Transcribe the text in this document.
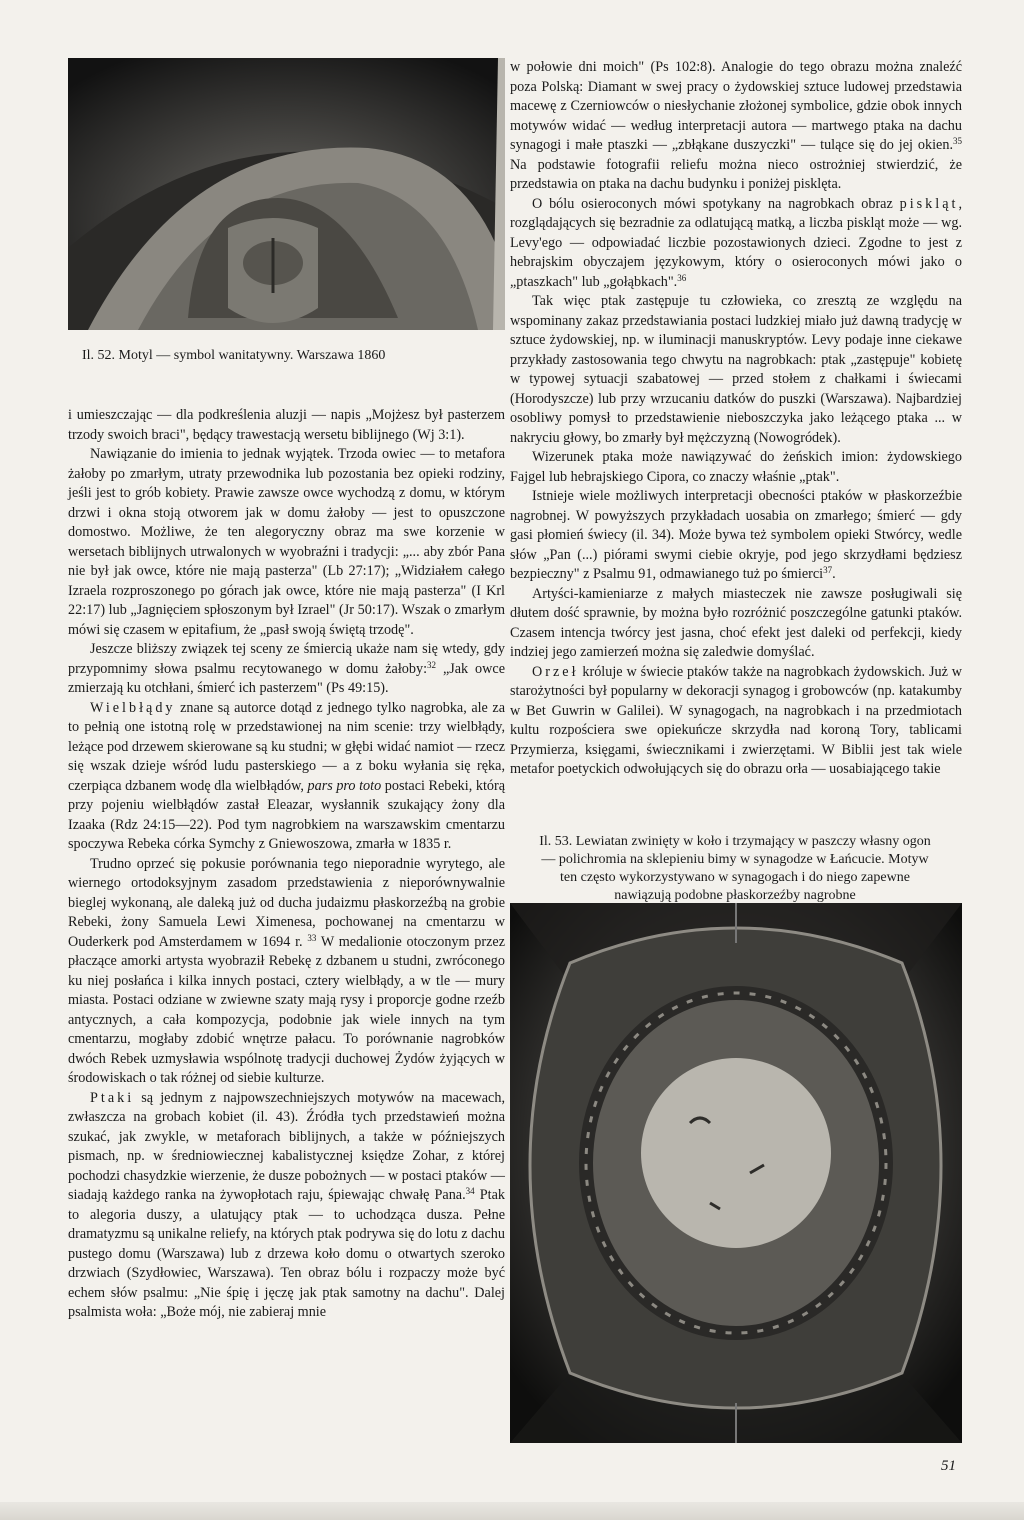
Il. 52. Motyl — symbol wanitatywny. Warszawa 1860

i umieszczając — dla podkreślenia aluzji — napis „Mojżesz był pasterzem trzody swoich braci", będący trawestacją wersetu biblijnego (Wj 3:1).

Nawiązanie do imienia to jednak wyjątek. Trzoda owiec — to metafora żałoby po zmarłym, utraty przewodnika lub pozostania bez opieki rodziny, jeśli jest to grób kobiety. Prawie zawsze owce wychodzą z domu, w którym drzwi i okna stoją otworem jak w domu żałoby — jest to opuszczone domostwo. Możliwe, że ten alegoryczny obraz ma swe korzenie w wersetach biblijnych utrwalonych w wyobraźni i tradycji: „... aby zbór Pana nie był jak owce, które nie mają pasterza" (Lb 27:17); „Widziałem całego Izraela rozproszonego po górach jak owce, które nie mają pasterza" (I Krl 22:17) lub „Jagnięciem spłoszonym był Izrael" (Jr 50:17). Wszak o zmarłym mówi się czasem w epitafium, że „pasł swoją świętą trzodę".

Jeszcze bliższy związek tej sceny ze śmiercią ukaże nam się wtedy, gdy przypomnimy słowa psalmu recytowanego w domu żałoby:$^{32}$ „Jak owce zmierzają ku otchłani, śmierć ich pasterzem" (Ps 49:15).

Wielbłądy znane są autorce dotąd z jednego tylko nagrobka, ale za to pełnią one istotną rolę w przedstawionej na nim scenie: trzy wielbłądy, leżące pod drzewem skierowane są ku studni; w głębi widać namiot — rzecz się wszak dzieje wśród ludu pasterskiego — a z boku wyłania się ręka, czerpiąca dzbanem wodę dla wielbłądów, pars pro toto postaci Rebeki, którą przy pojeniu wielbłądów zastał Eleazar, wysłannik szukający żony dla Izaaka (Rdz 24:15—22). Pod tym nagrobkiem na warszawskim cmentarzu spoczywa Rebeka córka Symchy z Gniewoszowa, zmarła w 1835 r.

Trudno oprzeć się pokusie porównania tego nieporadnie wyrytego, ale wiernego ortodoksyjnym zasadom przedstawienia z nieporównywalnie bieglej wykonaną, ale daleką już od ducha judaizmu płaskorzeźbą na grobie Rebeki, żony Samuela Lewi Ximenesa, pochowanej na cmentarzu w Ouderkerk pod Amsterdamem w 1694 r. $^{33}$ W medalionie otoczonym przez płaczące amorki artysta wyobraził Rebekę z dzbanem u studni, zwróconego ku niej posłańca i kilka innych postaci, cztery wielbłądy, a w tle — mury miasta. Postaci odziane w zwiewne szaty mają rysy i proporcje godne rzeźb antycznych, a cała kompozycja, podobnie jak wiele innych na tym cmentarzu, mogłaby zdobić wnętrze pałacu. To porównanie nagrobków dwóch Rebek uzmysławia wspólnotę tradycji duchowej Żydów żyjących w środowiskach o tak różnej od siebie kulturze.

Ptaki są jednym z najpowszechniejszych motywów na macewach, zwłaszcza na grobach kobiet (il. 43). Źródła tych przedstawień można szukać, jak zwykle, w metaforach biblijnych, a także w późniejszych pismach, np. w średniowiecznej kabalistycznej księdze Zohar, z której pochodzi chasydzkie wierzenie, że dusze pobożnych — w postaci ptaków — siadają każdego ranka na żywopłotach raju, śpiewając chwałę Pana.$^{34}$ Ptak to alegoria duszy, a ulatujący ptak — to uchodząca dusza. Pełne dramatyzmu są unikalne reliefy, na których ptak podrywa się do lotu z dachu pustego domu (Warszawa) lub z drzewa koło domu o otwartych szeroko drzwiach (Szydłowiec, Warszawa). Ten obraz bólu i rozpaczy może być echem słów psalmu: „Nie śpię i jęczę jak ptak samotny na dachu". Dalej psalmista woła: „Boże mój, nie zabieraj mnie

w połowie dni moich" (Ps 102:8). Analogie do tego obrazu można znaleźć poza Polską: Diamant w swej pracy o żydowskiej sztuce ludowej przedstawia macewę z Czerniowców o niesłychanie złożonej symbolice, gdzie obok innych motywów widać — według interpretacji autora — martwego ptaka na dachu synagogi i małe ptaszki — „zbłąkane duszyczki" — tulące się do jej okien.$^{35}$ Na podstawie fotografii reliefu można nieco ostrożniej stwierdzić, że przedstawia on ptaka na dachu budynku i poniżej pisklęta.

O bólu osieroconych mówi spotykany na nagrobkach obraz piskląt, rozglądających się bezradnie za odlatującą matką, a liczba piskląt może — wg. Levy'ego — odpowiadać liczbie pozostawionych dzieci. Zgodne to jest z hebrajskim obyczajem językowym, który o osieroconych mówi jako o „ptaszkach" lub „gołąbkach".$^{36}$

Tak więc ptak zastępuje tu człowieka, co zresztą ze względu na wspominany zakaz przedstawiania postaci ludzkiej miało już dawną tradycję w sztuce żydowskiej, np. w iluminacji manuskryptów. Levy podaje inne ciekawe przykłady zastosowania tego chwytu na nagrobkach: ptak „zastępuje" kobietę w typowej sytuacji szabatowej — przed stołem z chałkami i świecami (Horodyszcze) lub przy wrzucaniu datków do puszki (Warszawa). Najbardziej osobliwy pomysł to przedstawienie nieboszczyka jako leżącego ptaka ... w nakryciu głowy, bo zmarły był mężczyzną (Nowogródek).

Wizerunek ptaka może nawiązywać do żeńskich imion: żydowskiego Fajgel lub hebrajskiego Cipora, co znaczy właśnie „ptak".

Istnieje wiele możliwych interpretacji obecności ptaków w płaskorzeźbie nagrobnej. W powyższych przykładach uosabia on zmarłego; śmierć — gdy gasi płomień świecy (il. 34). Może bywa też symbolem opieki Stwórcy, wedle słów „Pan (...) piórami swymi ciebie okryje, pod jego skrzydłami będziesz bezpieczny" z Psalmu 91, odmawianego tuż po śmierci$^{37}$.

Artyści-kamieniarze z małych miasteczek nie zawsze posługiwali się dłutem dość sprawnie, by można było rozróżnić poszczególne gatunki ptaków. Czasem intencja twórcy jest jasna, choć efekt jest daleki od perfekcji, kiedy indziej jego zamierzeń można się zaledwie domyślać.

Orzeł króluje w świecie ptaków także na nagrobkach żydowskich. Już w starożytności był popularny w dekoracji synagog i grobowców (np. katakumby w Bet Guwrin w Galilei). W synagogach, na nagrobkach i na przedmiotach kultu rozpościera swe opiekuńcze skrzydła nad koroną Tory, tablicami Przymierza, księgami, świecznikami i zwierzętami. W Biblii jest tak wiele metafor poetyckich odwołujących się do obrazu orła — uosabiającego takie

Il. 53. Lewiatan zwinięty w koło i trzymający w paszczy własny ogon
— polichromia na sklepieniu bimy w synagodze w Łańcucie. Motyw
ten często wykorzystywano w synagogach i do niego zapewne
nawiązują podobne płaskorzeźby nagrobne
51
